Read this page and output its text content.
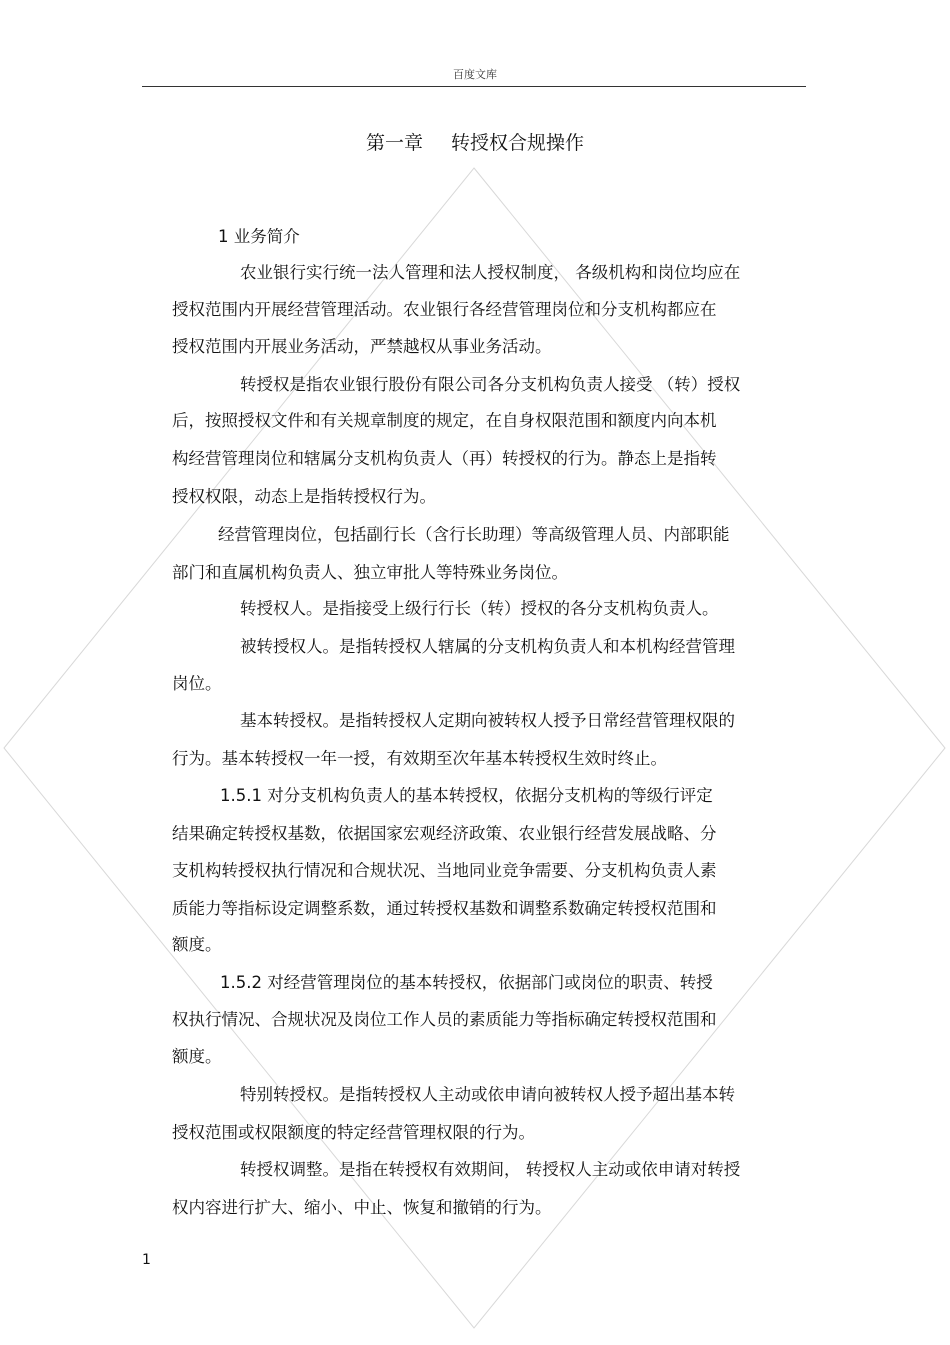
百度文库
第一章 转授权合规操作
1 业务简介
农业银行实行统一法人管理和法人授权制度， 各级机构和岗位均应在
授权范围内开展经营管理活动。农业银行各经营管理岗位和分支机构都应在
授权范围内开展业务活动，严禁越权从事业务活动。
转授权是指农业银行股份有限公司各分支机构负责人接受 （转）授权
后，按照授权文件和有关规章制度的规定，在自身权限范围和额度内向本机
构经营管理岗位和辖属分支机构负责人（再）转授权的行为。静态上是指转
授权权限，动态上是指转授权行为。
经营管理岗位，包括副行长（含行长助理）等高级管理人员、内部职能
部门和直属机构负责人、独立审批人等特殊业务岗位。
转授权人。是指接受上级行行长（转）授权的各分支机构负责人。
被转授权人。是指转授权人辖属的分支机构负责人和本机构经营管理
岗位。
基本转授权。是指转授权人定期向被转权人授予日常经营管理权限的
行为。基本转授权一年一授，有效期至次年基本转授权生效时终止。
1.5.1 对分支机构负责人的基本转授权，依据分支机构的等级行评定
结果确定转授权基数，依据国家宏观经济政策、农业银行经营发展战略、分
支机构转授权执行情况和合规状况、当地同业竞争需要、分支机构负责人素
质能力等指标设定调整系数，通过转授权基数和调整系数确定转授权范围和
额度。
1.5.2 对经营管理岗位的基本转授权，依据部门或岗位的职责、转授
权执行情况、合规状况及岗位工作人员的素质能力等指标确定转授权范围和
额度。
特别转授权。是指转授权人主动或依申请向被转权人授予超出基本转
授权范围或权限额度的特定经营管理权限的行为。
转授权调整。是指在转授权有效期间， 转授权人主动或依申请对转授
权内容进行扩大、缩小、中止、恢复和撤销的行为。
1
